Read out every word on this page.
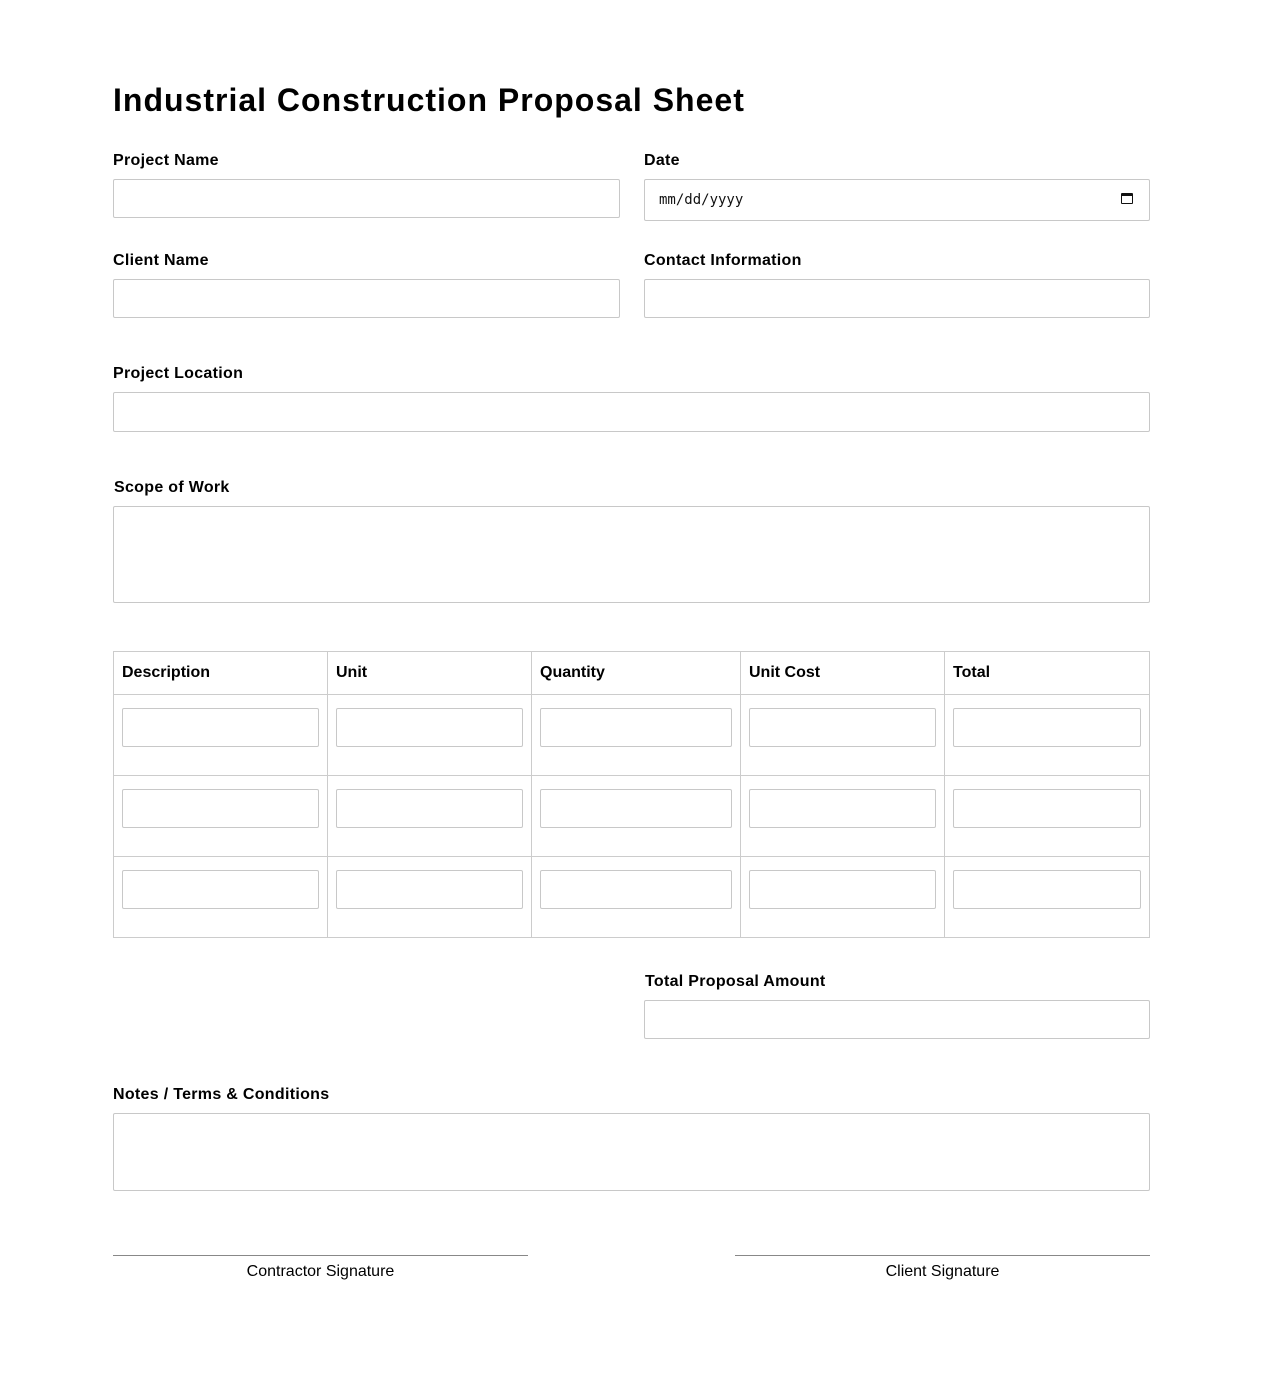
Industrial Construction Proposal Sheet
Project Name	Date
mm/dd/yyyy
Client Name	Contact Information
Project Location
Scope of Work
Description	Unit	Quantity	Unit Cost	Total

Total Proposal Amount
Notes / Terms & Conditions
Contractor Signature	Client Signature
